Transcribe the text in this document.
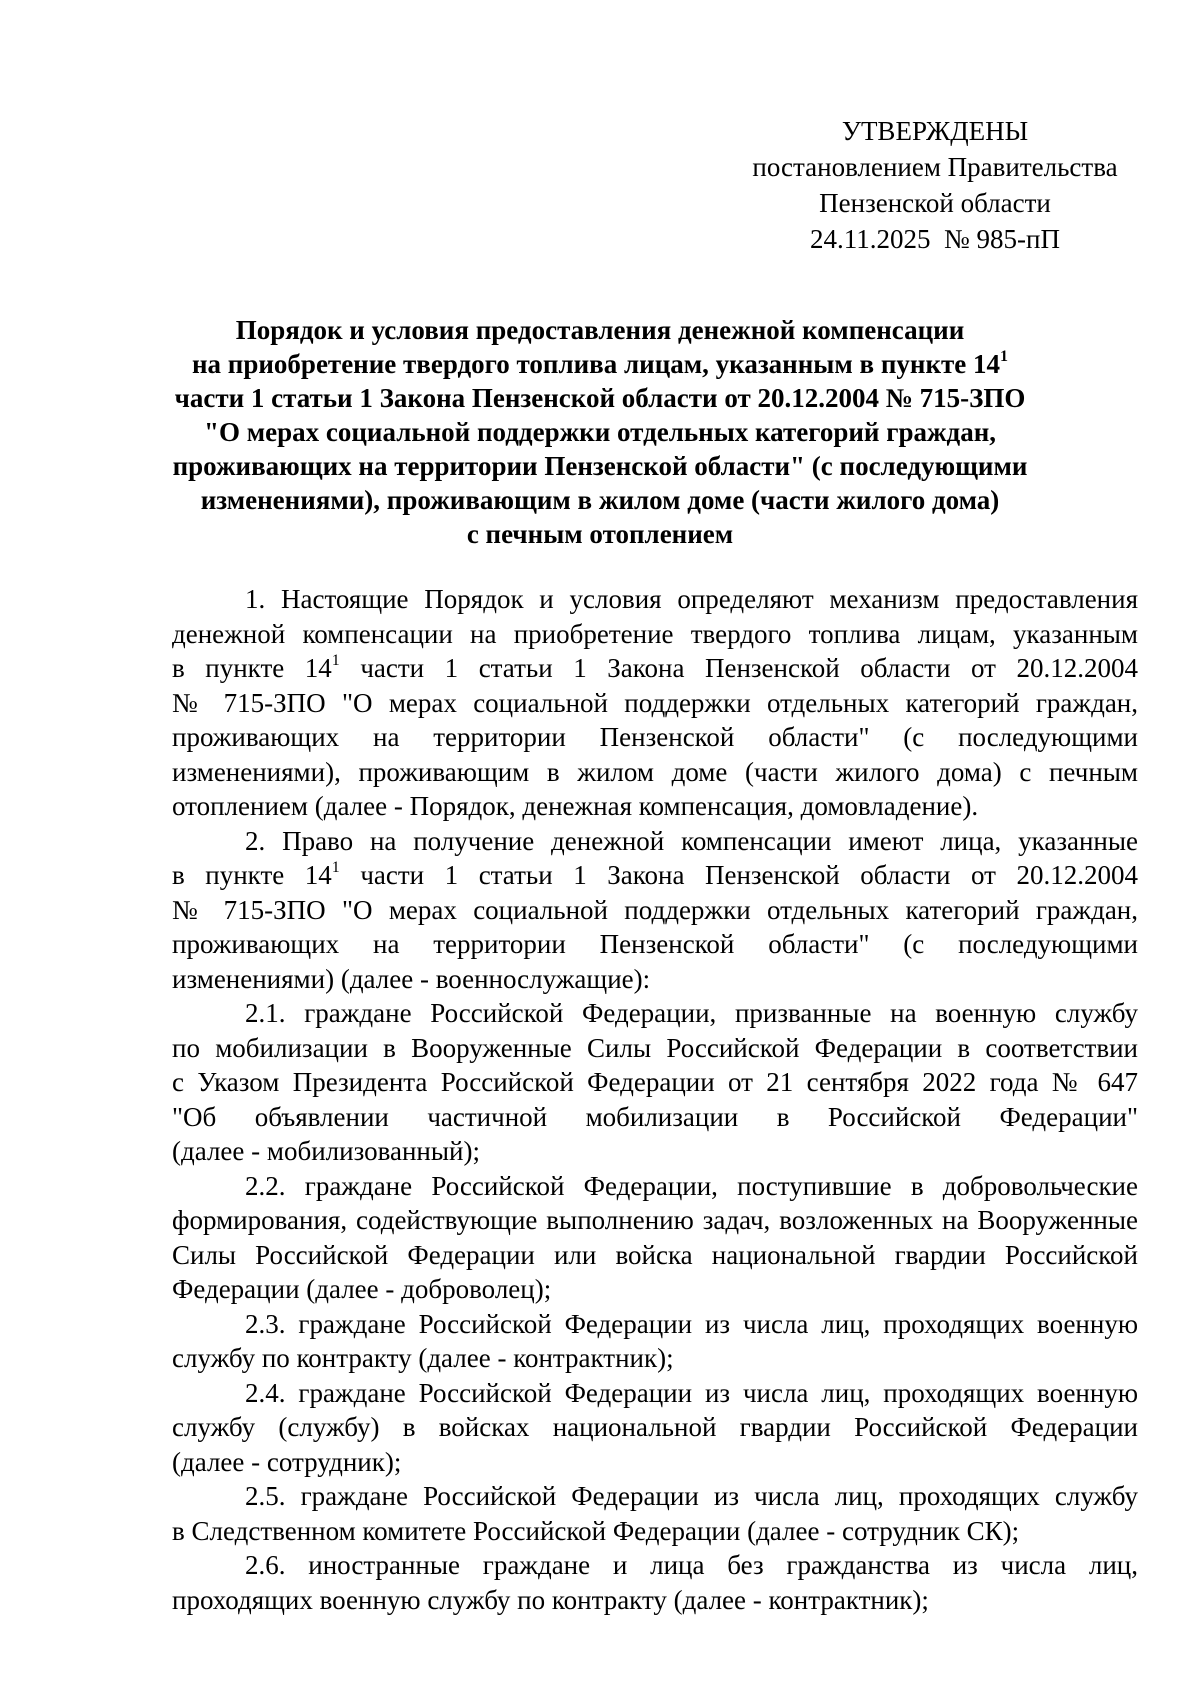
УТВЕРЖДЕНЫ
постановлением Правительства
Пензенской области
24.11.2025  № 985-пП
Порядок и условия предоставления денежной компенсации
на приобретение твердого топлива лицам, указанным в пункте $14^1$
части 1 статьи 1 Закона Пензенской области от 20.12.2004 № 715-ЗПО
"О мерах социальной поддержки отдельных категорий граждан,
проживающих на территории Пензенской области" (с последующими
изменениями), проживающим в жилом доме (части жилого дома)
с печным отоплением
1. Настоящие Порядок и условия определяют механизм предоставления
денежной компенсации на приобретение твердого топлива лицам, указанным
в пункте $14^1$ части 1 статьи 1 Закона Пензенской области от 20.12.2004
№ 715-ЗПО "О мерах социальной поддержки отдельных категорий граждан,
проживающих на территории Пензенской области" (с последующими
изменениями), проживающим в жилом доме (части жилого дома) с печным
отоплением (далее - Порядок, денежная компенсация, домовладение).
2. Право на получение денежной компенсации имеют лица, указанные
в пункте $14^1$ части 1 статьи 1 Закона Пензенской области от 20.12.2004
№ 715-ЗПО "О мерах социальной поддержки отдельных категорий граждан,
проживающих на территории Пензенской области" (с последующими
изменениями) (далее - военнослужащие):
2.1. граждане Российской Федерации, призванные на военную службу
по мобилизации в Вооруженные Силы Российской Федерации в соответствии
с Указом Президента Российской Федерации от 21 сентября 2022 года № 647
"Об объявлении частичной мобилизации в Российской Федерации"
(далее - мобилизованный);
2.2. граждане Российской Федерации, поступившие в добровольческие
формирования, содействующие выполнению задач, возложенных на Вооруженные
Силы Российской Федерации или войска национальной гвардии Российской
Федерации (далее - доброволец);
2.3. граждане Российской Федерации из числа лиц, проходящих военную
службу по контракту (далее - контрактник);
2.4. граждане Российской Федерации из числа лиц, проходящих военную
службу (службу) в войсках национальной гвардии Российской Федерации
(далее - сотрудник);
2.5. граждане Российской Федерации из числа лиц, проходящих службу
в Следственном комитете Российской Федерации (далее - сотрудник СК);
2.6. иностранные граждане и лица без гражданства из числа лиц,
проходящих военную службу по контракту (далее - контрактник);
